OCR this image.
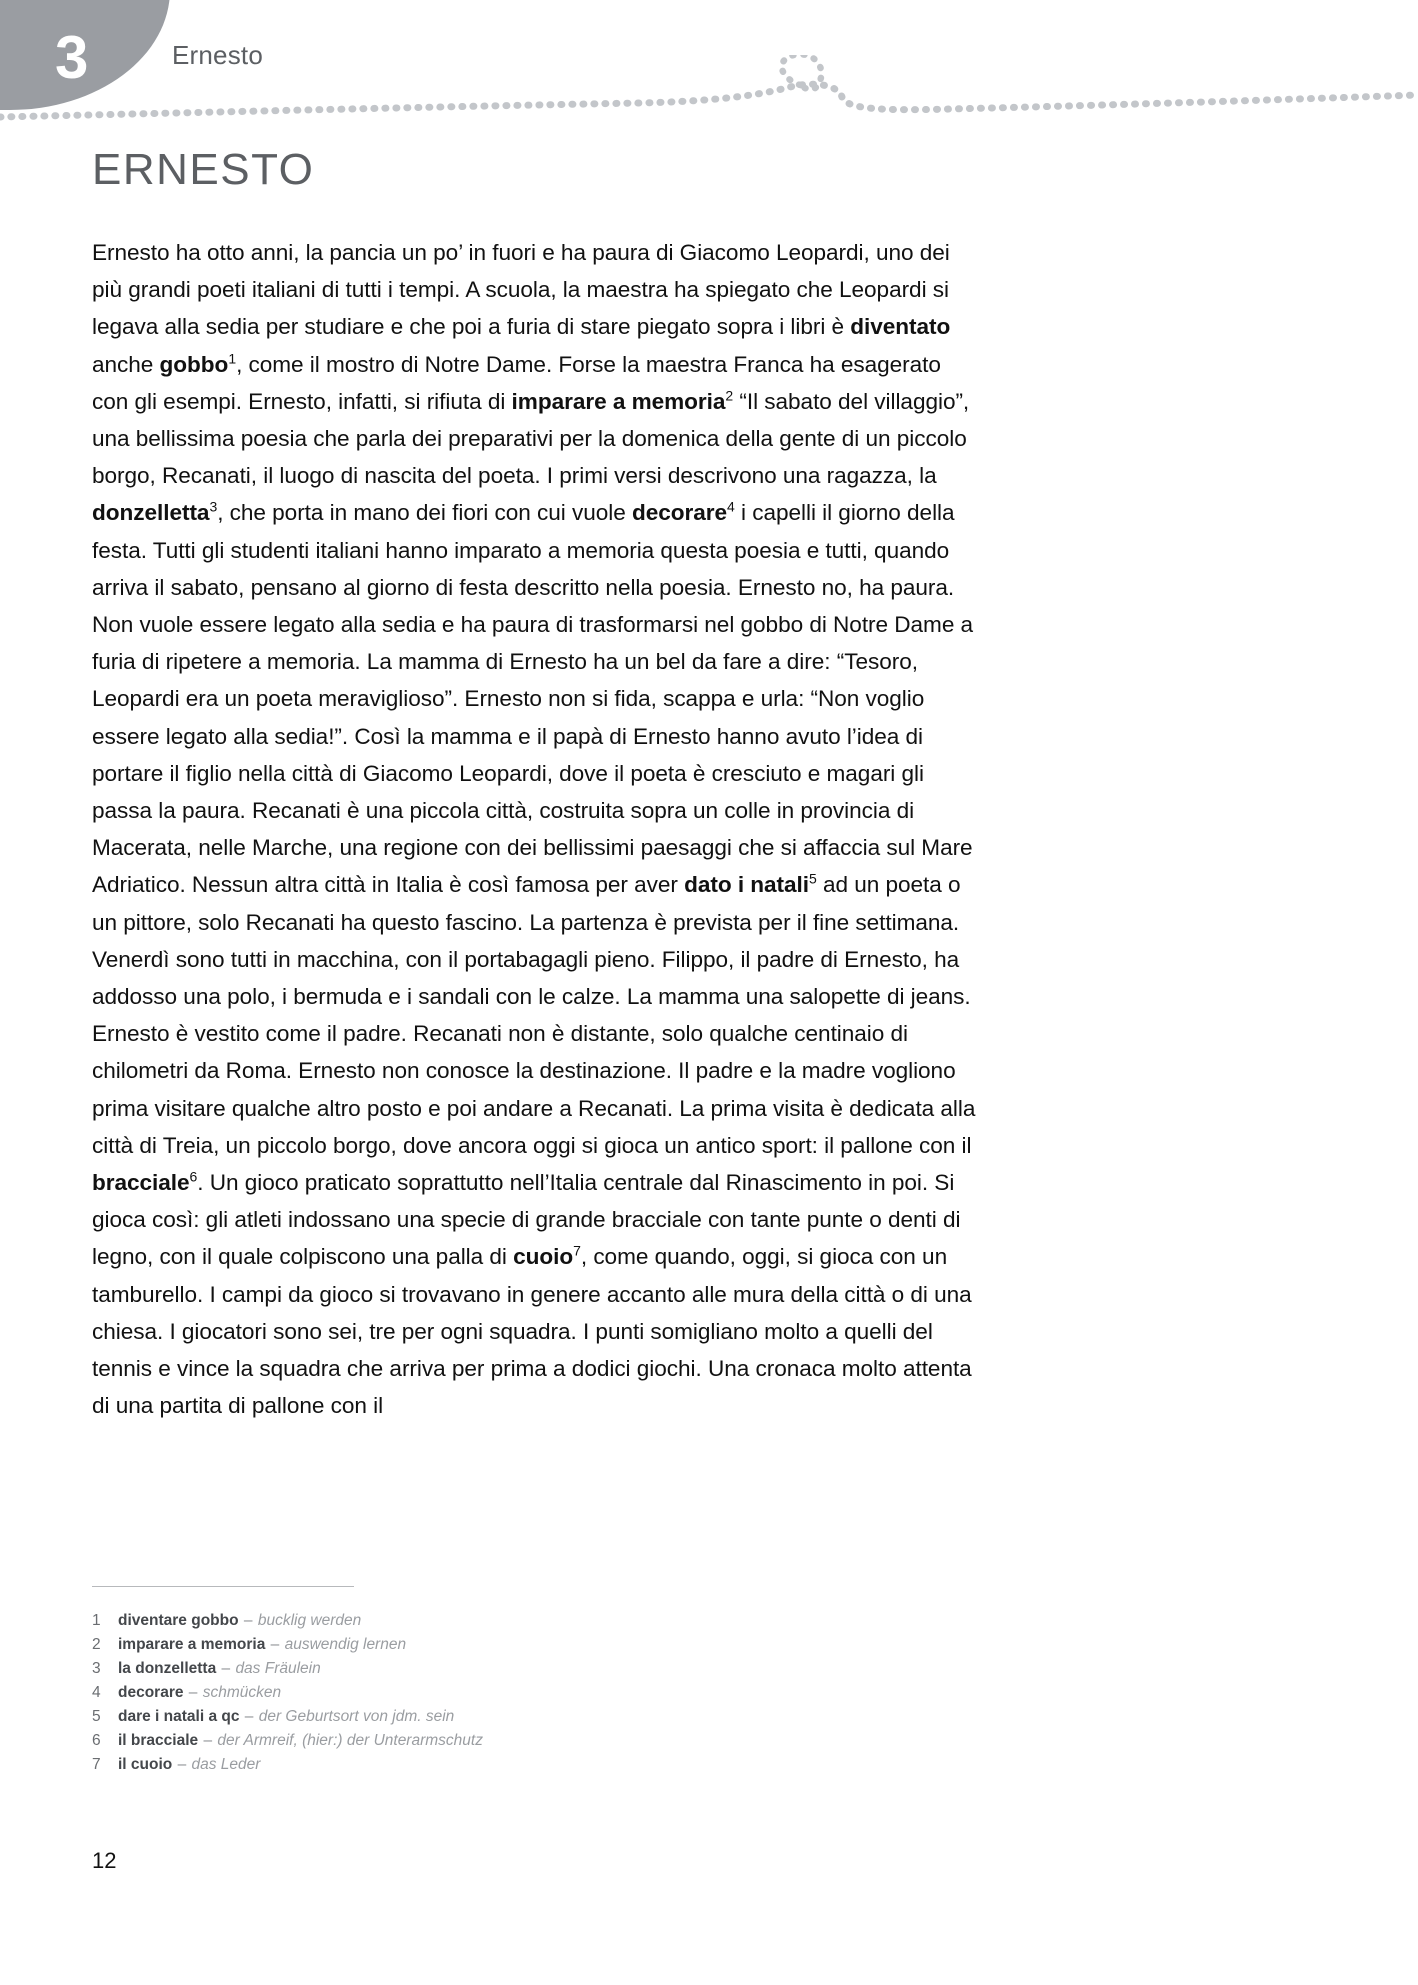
3	Ernesto
ERNESTO
Ernesto ha otto anni, la pancia un po’ in fuori e ha paura di Giacomo Leopardi, uno dei più grandi poeti italiani di tutti i tempi. A scuola, la maestra ha spiegato che Leopardi si legava alla sedia per studiare e che poi a furia di stare piegato sopra i libri è diventato anche gobbo$^1$, come il mostro di Notre Dame. Forse la maestra Franca ha esagerato con gli esempi. Ernesto, infatti, si rifiuta di imparare a memoria$^2$ “Il sabato del villaggio”, una bellissima poesia che parla dei preparativi per la domenica della gente di un piccolo borgo, Recanati, il luogo di nascita del poeta. I primi versi descrivono una ragazza, la donzelletta$^3$, che porta in mano dei fiori con cui vuole decorare$^4$ i capelli il giorno della festa. Tutti gli studenti italiani hanno imparato a memoria questa poesia e tutti, quando arriva il sabato, pensano al giorno di festa descritto nella poesia. Ernesto no, ha paura. Non vuole essere legato alla sedia e ha paura di trasformarsi nel gobbo di Notre Dame a furia di ripetere a memoria. La mamma di Ernesto ha un bel da fare a dire: “Tesoro, Leopardi era un poeta meraviglioso”. Ernesto non si fida, scappa e urla: “Non voglio essere legato alla sedia!”. Così la mamma e il papà di Ernesto hanno avuto l’idea di portare il figlio nella città di Giacomo Leopardi, dove il poeta è cresciuto e magari gli passa la paura. Recanati è una piccola città, costruita sopra un colle in provincia di Macerata, nelle Marche, una regione con dei bellissimi paesaggi che si affaccia sul Mare Adriatico. Nessun altra città in Italia è così famosa per aver dato i natali$^5$ ad un poeta o un pittore, solo Recanati ha questo fascino. La partenza è prevista per il fine settimana. Venerdì sono tutti in macchina, con il portabagagli pieno. Filippo, il padre di Ernesto, ha addosso una polo, i bermuda e i sandali con le calze. La mamma una salopette di jeans. Ernesto è vestito come il padre. Recanati non è distante, solo qualche centinaio di chilometri da Roma. Ernesto non conosce la destinazione. Il padre e la madre vogliono prima visitare qualche altro posto e poi andare a Recanati. La prima visita è dedicata alla città di Treia, un piccolo borgo, dove ancora oggi si gioca un antico sport: il pallone con il bracciale$^6$. Un gioco praticato soprattutto nell’Italia centrale dal Rinascimento in poi. Si gioca così: gli atleti indossano una specie di grande bracciale con tante punte o denti di legno, con il quale colpiscono una palla di cuoio$^7$, come quando, oggi, si gioca con un tamburello. I campi da gioco si trovavano in genere accanto alle mura della città o di una chiesa. I giocatori sono sei, tre per ogni squadra. I punti somigliano molto a quelli del tennis e vince la squadra che arriva per prima a dodici giochi. Una cronaca molto attenta di una partita di pallone con il
1	diventare gobbo – bucklig werden
2	imparare a memoria – auswendig lernen
3	la donzelletta – das Fräulein
4	decorare – schmücken
5	dare i natali a qc – der Geburtsort von jdm. sein
6	il bracciale – der Armreif, (hier:) der Unterarmschutz
7	il cuoio – das Leder
12
